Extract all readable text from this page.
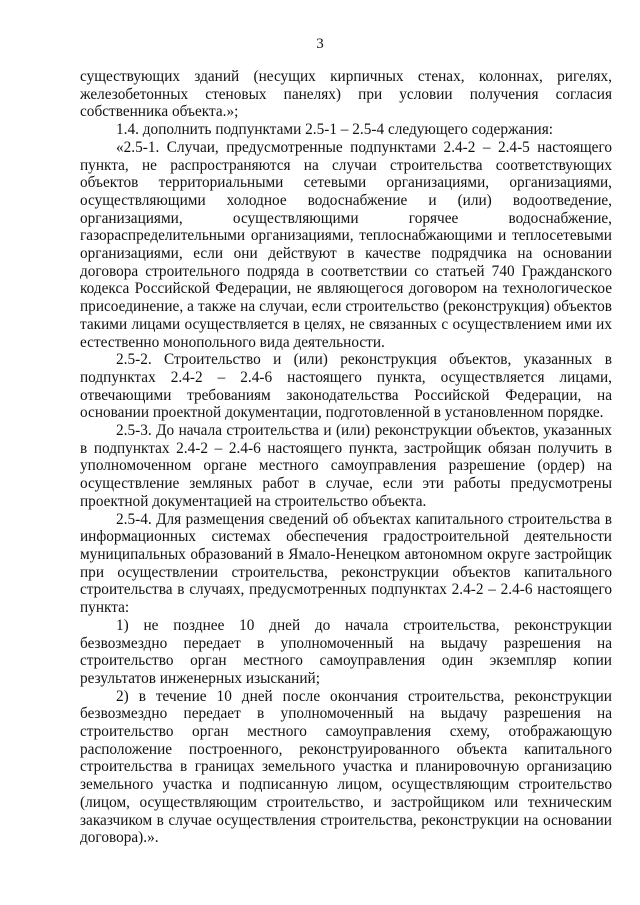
3

существующих зданий (несущих кирпичных стенах, колоннах, ригелях, железобетонных стеновых панелях) при условии получения согласия собственника объекта.»;

1.4. дополнить подпунктами 2.5-1 – 2.5-4 следующего содержания:

«2.5-1. Случаи, предусмотренные подпунктами 2.4-2 – 2.4-5 настоящего пункта, не распространяются на случаи строительства соответствующих объектов территориальными сетевыми организациями, организациями, осуществляющими холодное водоснабжение и (или) водоотведение, организациями, осуществляющими горячее водоснабжение, газораспределительными организациями, теплоснабжающими и теплосетевыми организациями, если они действуют в качестве подрядчика на основании договора строительного подряда в соответствии со статьей 740 Гражданского кодекса Российской Федерации, не являющегося договором на технологическое присоединение, а также на случаи, если строительство (реконструкция) объектов такими лицами осуществляется в целях, не связанных с осуществлением ими их естественно монопольного вида деятельности.

2.5-2. Строительство и (или) реконструкция объектов, указанных в подпунктах 2.4-2 – 2.4-6 настоящего пункта, осуществляется лицами, отвечающими требованиям законодательства Российской Федерации, на основании проектной документации, подготовленной в установленном порядке.

2.5-3. До начала строительства и (или) реконструкции объектов, указанных в подпунктах 2.4-2 – 2.4-6 настоящего пункта, застройщик обязан получить в уполномоченном органе местного самоуправления разрешение (ордер) на осуществление земляных работ в случае, если эти работы предусмотрены проектной документацией на строительство объекта.

2.5-4. Для размещения сведений об объектах капитального строительства в информационных системах обеспечения градостроительной деятельности муниципальных образований в Ямало-Ненецком автономном округе застройщик при осуществлении строительства, реконструкции объектов капитального строительства в случаях, предусмотренных подпунктах 2.4-2 – 2.4-6 настоящего пункта:

1) не позднее 10 дней до начала строительства, реконструкции безвозмездно передает в уполномоченный на выдачу разрешения на строительство орган местного самоуправления один экземпляр копии результатов инженерных изысканий;

2) в течение 10 дней после окончания строительства, реконструкции безвозмездно передает в уполномоченный на выдачу разрешения на строительство орган местного самоуправления схему, отображающую расположение построенного, реконструированного объекта капитального строительства в границах земельного участка и планировочную организацию земельного участка и подписанную лицом, осуществляющим строительство (лицом, осуществляющим строительство, и застройщиком или техническим заказчиком в случае осуществления строительства, реконструкции на основании договора).».
